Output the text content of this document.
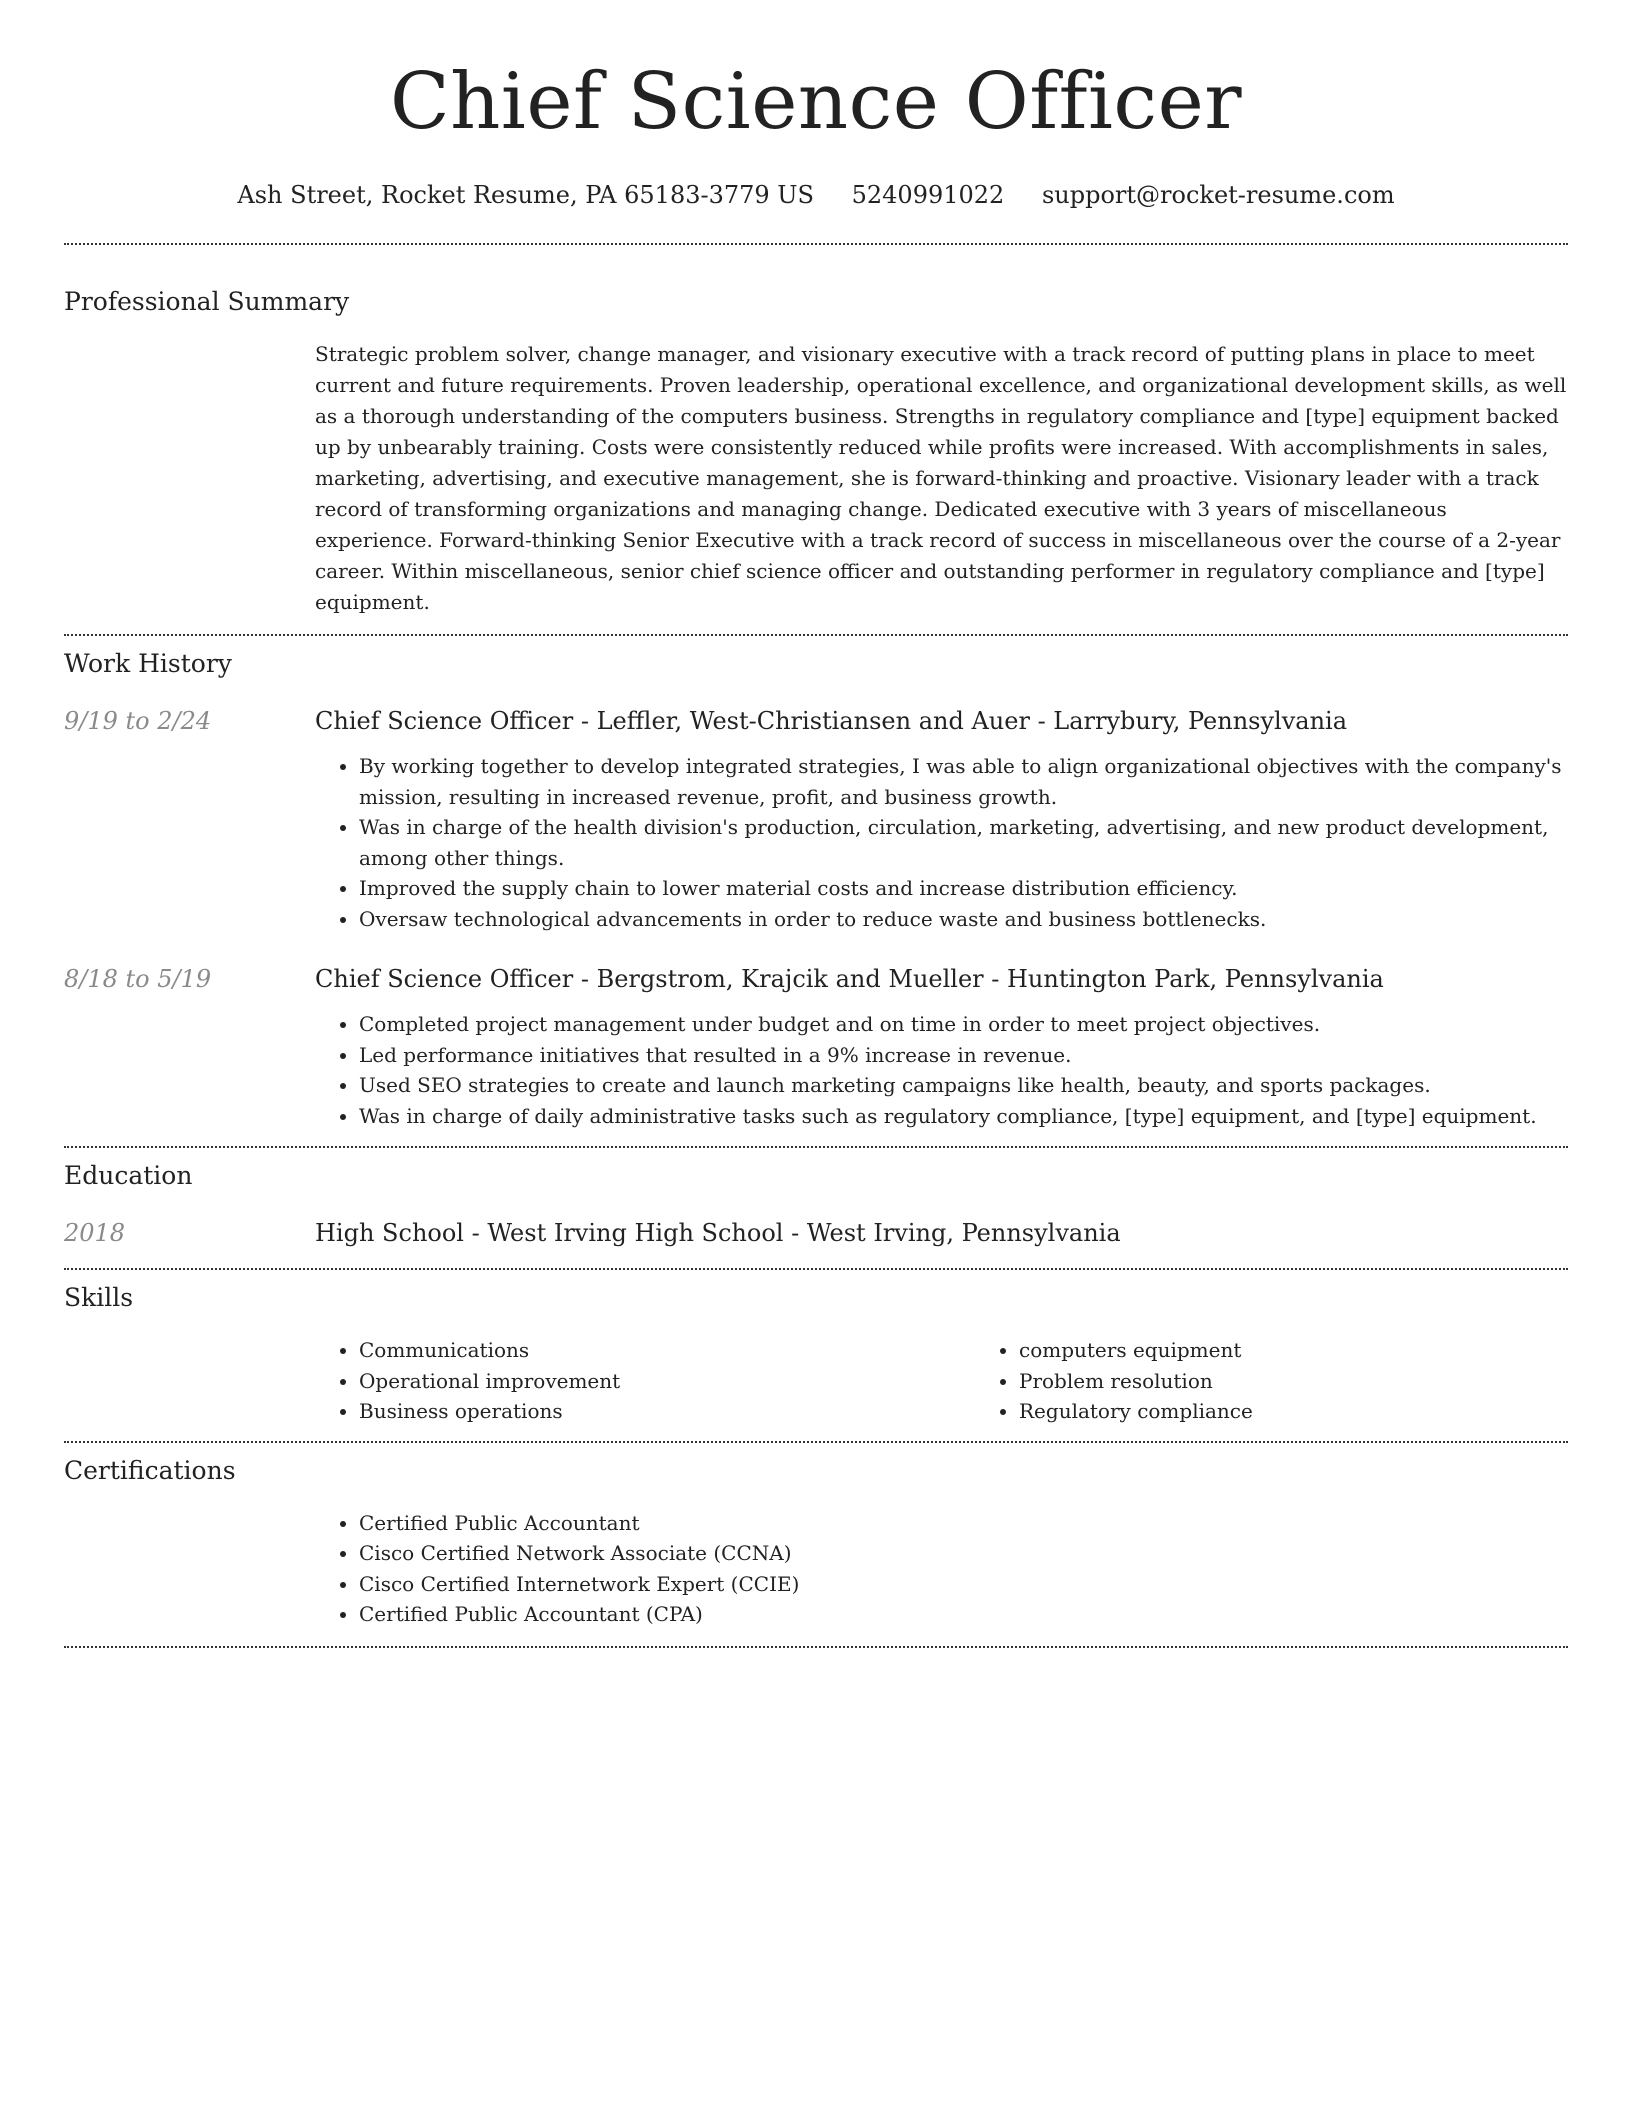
Chief Science Officer
Ash Street, Rocket Resume, PA 65183-3779 US 5240991022 support@rocket-resume.com
Professional Summary

Strategic problem solver, change manager, and visionary executive with a track record of putting plans in place to meet current and future requirements. Proven leadership, operational excellence, and organizational development skills, as well as a thorough understanding of the computers business. Strengths in regulatory compliance and [type] equipment backed up by unbearably training. Costs were consistently reduced while profits were increased. With accomplishments in sales, marketing, advertising, and executive management, she is forward-thinking and proactive. Visionary leader with a track record of transforming organizations and managing change. Dedicated executive with 3 years of miscellaneous experience. Forward-thinking Senior Executive with a track record of success in miscellaneous over the course of a 2-year career. Within miscellaneous, senior chief science officer and outstanding performer in regulatory compliance and [type] equipment.

Work History
9/19 to 2/24	Chief Science Officer - Leffler, West-Christiansen and Auer - Larrybury, Pennsylvania

• By working together to develop integrated strategies, I was able to align organizational objectives with the company's mission, resulting in increased revenue, profit, and business growth.
• Was in charge of the health division's production, circulation, marketing, advertising, and new product development, among other things.
• Improved the supply chain to lower material costs and increase distribution efficiency.
• Oversaw technological advancements in order to reduce waste and business bottlenecks.
8/18 to 5/19	Chief Science Officer - Bergstrom, Krajcik and Mueller - Huntington Park, Pennsylvania

• Completed project management under budget and on time in order to meet project objectives.
• Led performance initiatives that resulted in a 9% increase in revenue.
• Used SEO strategies to create and launch marketing campaigns like health, beauty, and sports packages.
• Was in charge of daily administrative tasks such as regulatory compliance, [type] equipment, and [type] equipment.
Education
2018	High School - West Irving High School - West Irving, Pennsylvania

Skills
• Communications
• Operational improvement
• Business operations
• computers equipment
• Problem resolution
• Regulatory compliance
Certifications
• Certified Public Accountant
• Cisco Certified Network Associate (CCNA)
• Cisco Certified Internetwork Expert (CCIE)
• Certified Public Accountant (CPA)
